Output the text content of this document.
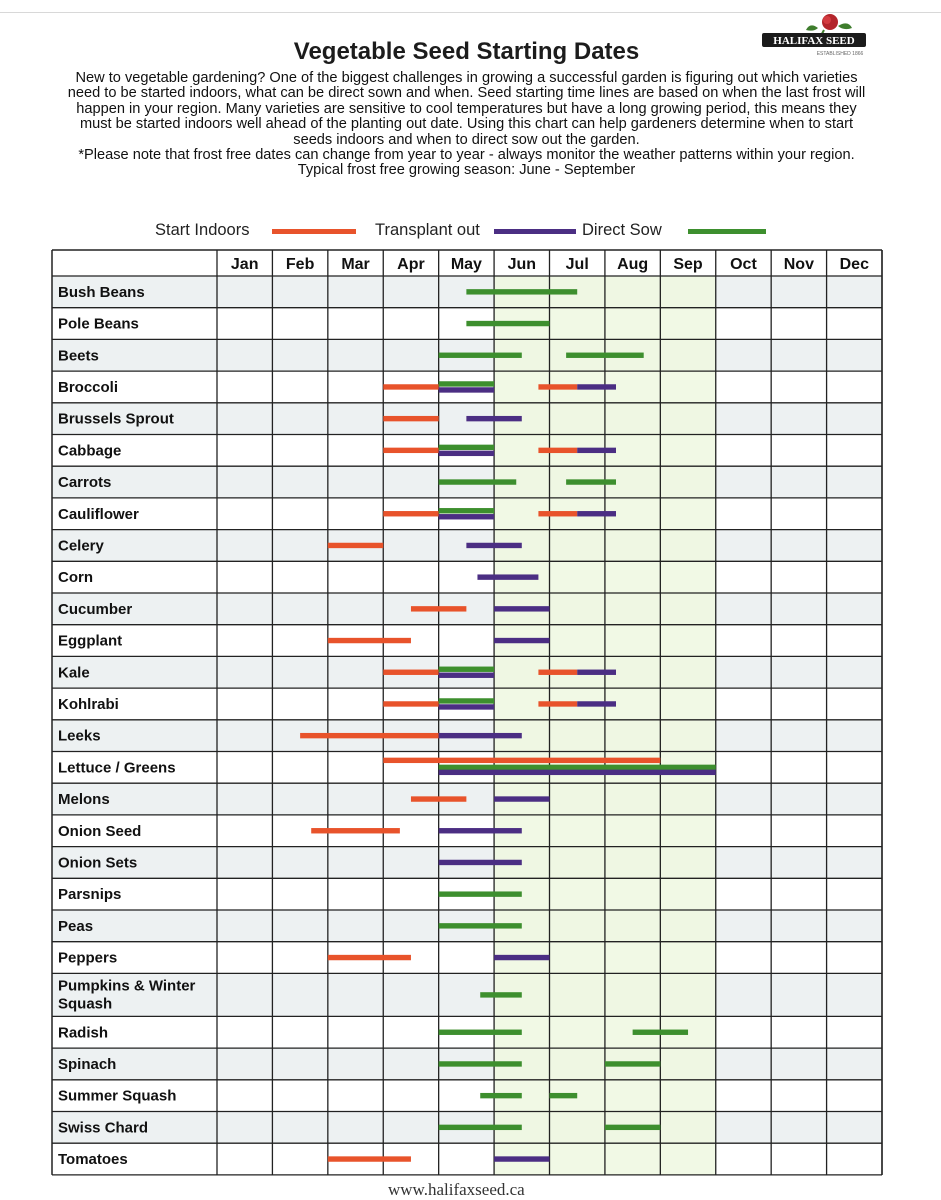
HALIFAX SEED
ESTABLISHED 1866
Vegetable Seed Starting Dates
New to vegetable gardening? One of the biggest challenges in growing a successful garden is figuring out which varieties
need to be started indoors, what can be direct sown and when. Seed starting time lines are based on when the last frost will
happen in your region. Many varieties are sensitive to cool temperatures but have a long growing period, this means they
must be started indoors well ahead of the planting out date. Using this chart can help gardeners determine when to start
seeds indoors and when to direct sow out the garden.
*Please note that frost free dates can change from year to year - always monitor the weather patterns within your region.
Typical frost free growing season: June - September
Start Indoors	Transplant out	Direct Sow
Jan Feb Mar Apr May Jun Jul Aug Sep Oct Nov Dec
Bush Beans
Pole Beans
Beets
Broccoli
Brussels Sprout
Cabbage
Carrots
Cauliflower
Celery
Corn
Cucumber
Eggplant
Kale
Kohlrabi
Leeks
Lettuce / Greens
Melons
Onion Seed
Onion Sets
Parsnips
Peas
Peppers
Pumpkins & Winter
Squash
Radish
Spinach
Summer Squash
Swiss Chard
Tomatoes
www.halifaxseed.ca
